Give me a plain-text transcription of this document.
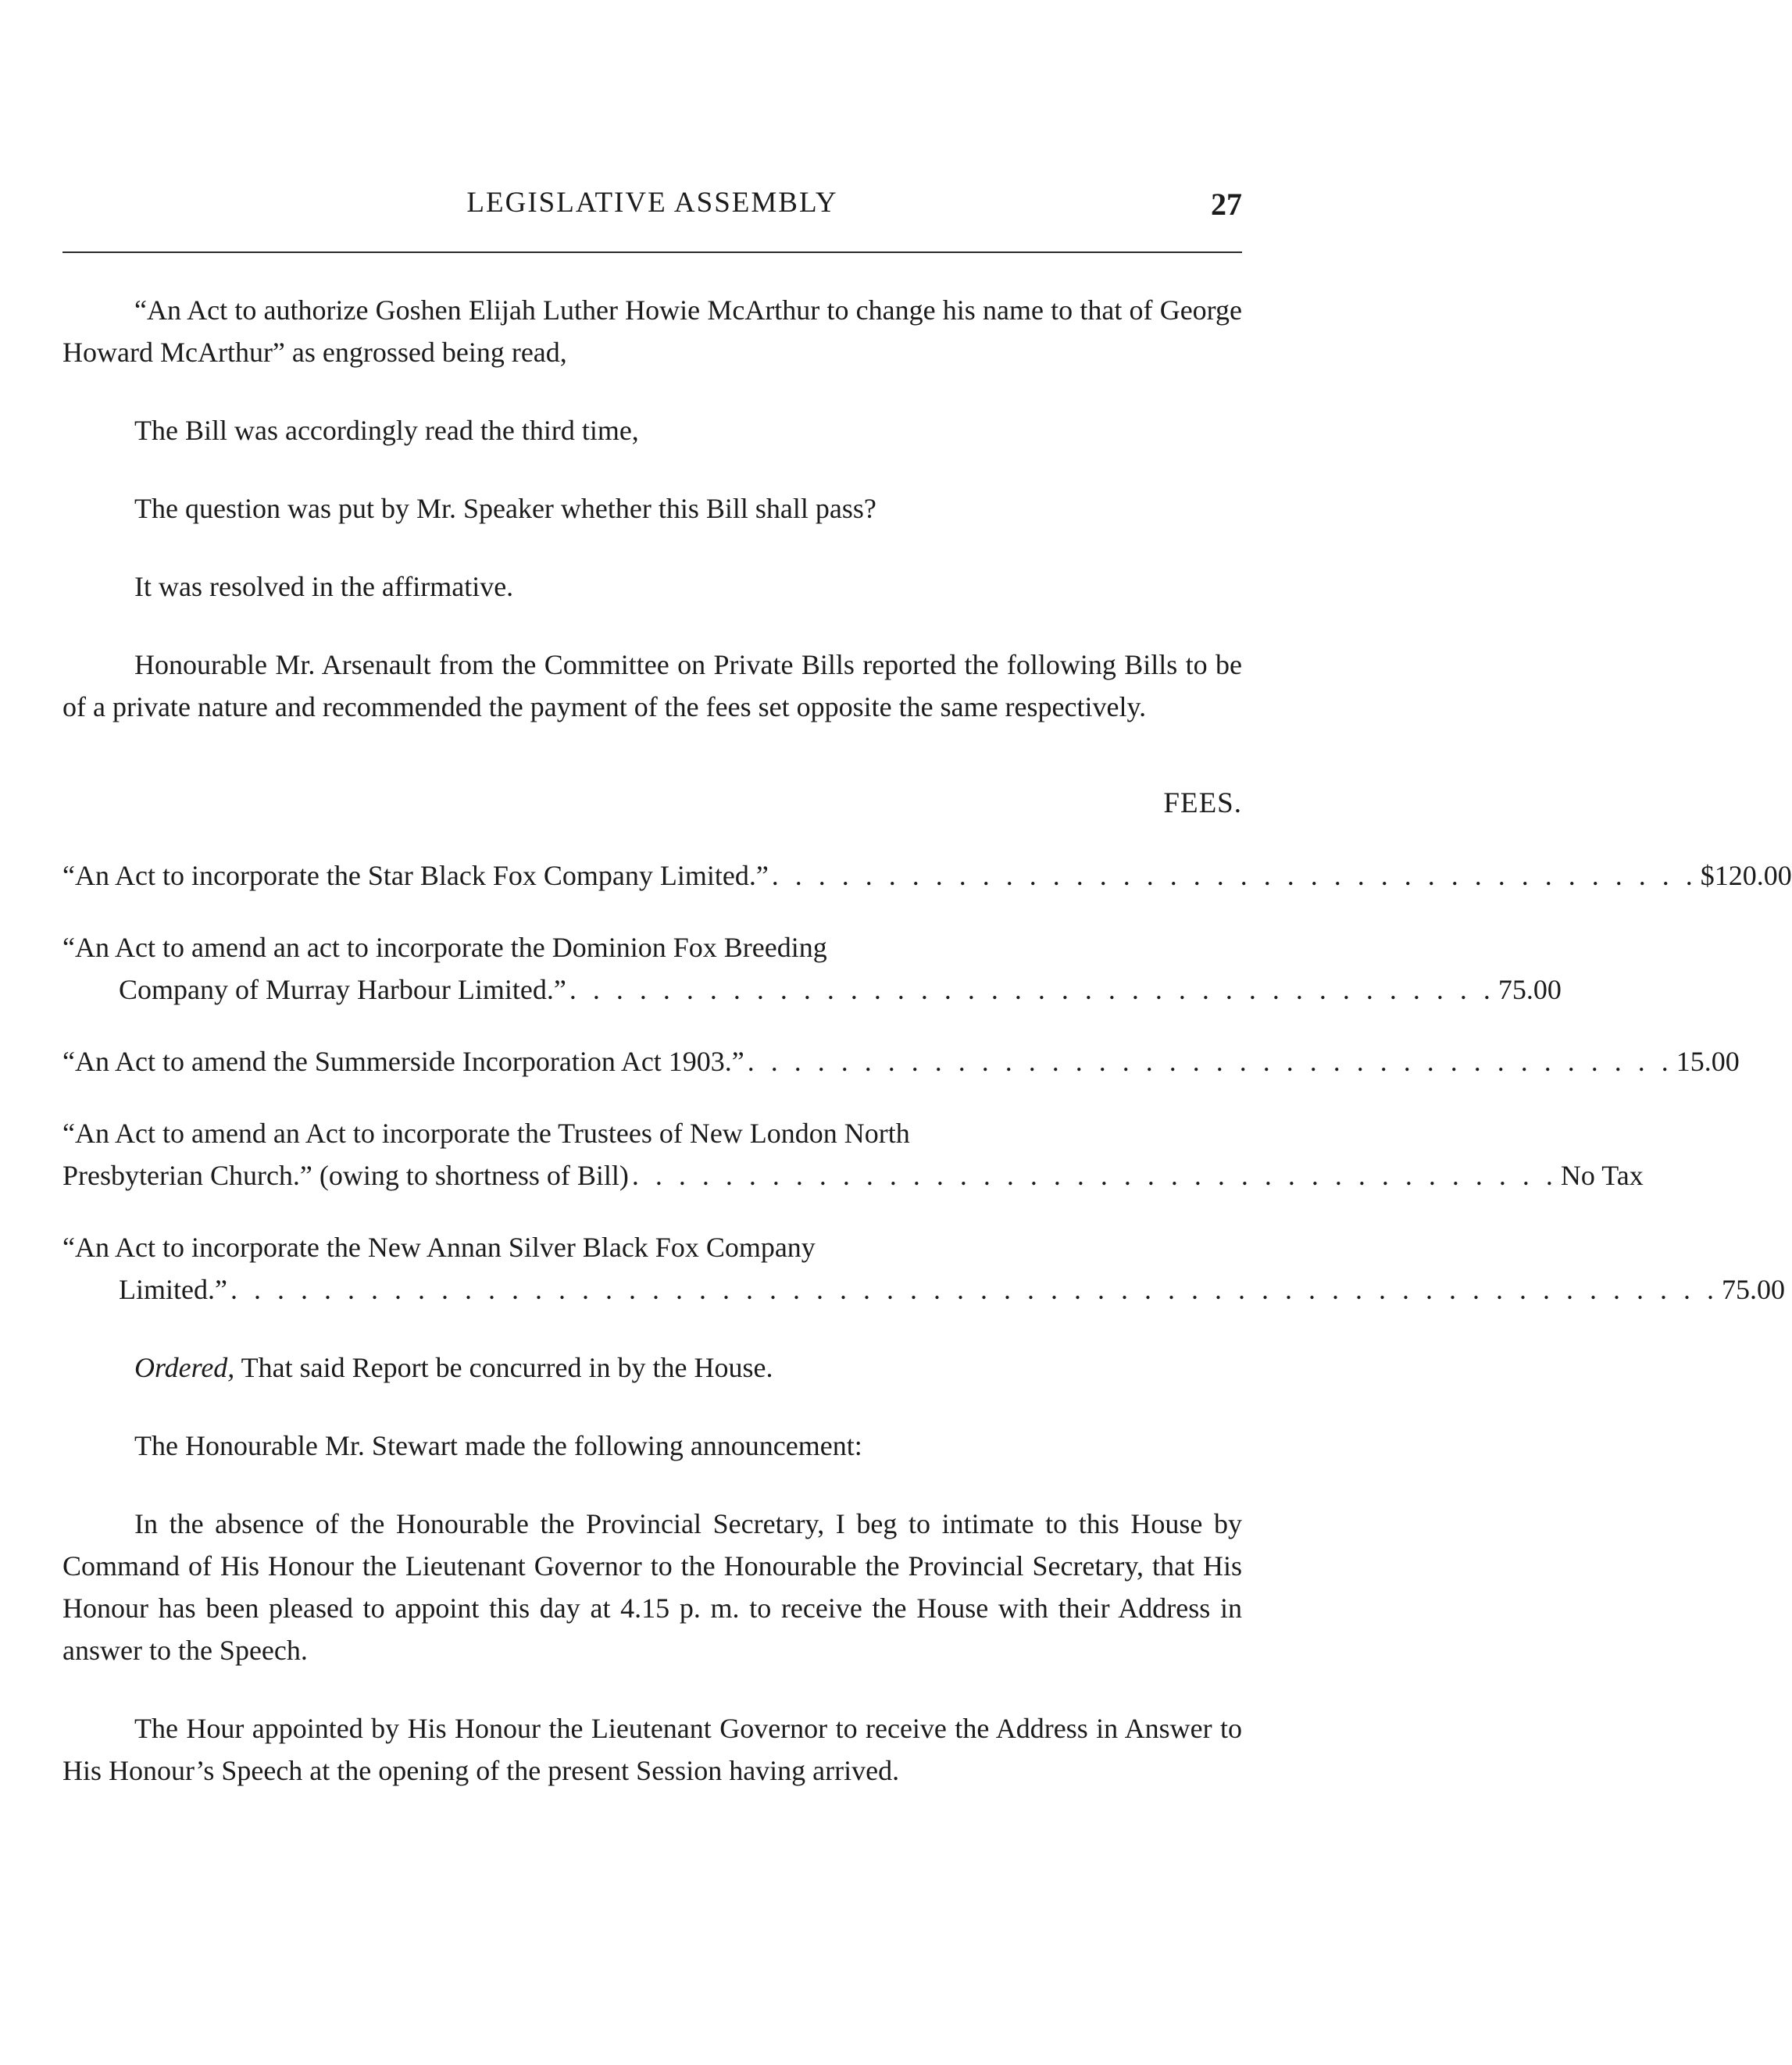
LEGISLATIVE ASSEMBLY	27

“An Act to authorize Goshen Elijah Luther Howie McArthur to change his name to that of George Howard McArthur” as engrossed being read,

The Bill was accordingly read the third time,

The question was put by Mr. Speaker whether this Bill shall pass?

It was resolved in the affirmative.

Honourable Mr. Arsenault from the Committee on Private Bills reported the following Bills to be of a private nature and recommended the payment of the fees set opposite the same respectively.

FEES.

“An Act to incorporate the Star Black Fox Company Limited.” . . . . . . . . . . . . . . . . . . . . . . . . . . . . . . . . . . . . . . . . $120.00
“An Act to amend an act to incorporate the Dominion Fox Breeding
Company of Murray Harbour Limited.” . . . . . . . . . . . . . . . . . . . . . . . . . . . . . . . . . . . . . . . . 75.00
“An Act to amend the Summerside Incorporation Act 1903.” . . . . . . . . . . . . . . . . . . . . . . . . . . . . . . . . . . . . . . . . 15.00
“An Act to amend an Act to incorporate the Trustees of New London North
Presbyterian Church.” (owing to shortness of Bill) . . . . . . . . . . . . . . . . . . . . . . . . . . . . . . . . . . . . . . . . No Tax
“An Act to incorporate the New Annan Silver Black Fox Company
Limited.” . . . . . . . . . . . . . . . . . . . . . . . . . . . . . . . . . . . . . . . . . . . . . . . . . . . . . . . . . . . . . . . . 75.00

Ordered, That said Report be concurred in by the House.

The Honourable Mr. Stewart made the following announcement:

In the absence of the Honourable the Provincial Secretary, I beg to intimate to this House by Command of His Honour the Lieutenant Governor to the Honourable the Provincial Secretary, that His Honour has been pleased to appoint this day at 4.15 p. m. to receive the House with their Address in answer to the Speech.

The Hour appointed by His Honour the Lieutenant Governor to receive the Address in Answer to His Honour’s Speech at the opening of the present Session having arrived.
